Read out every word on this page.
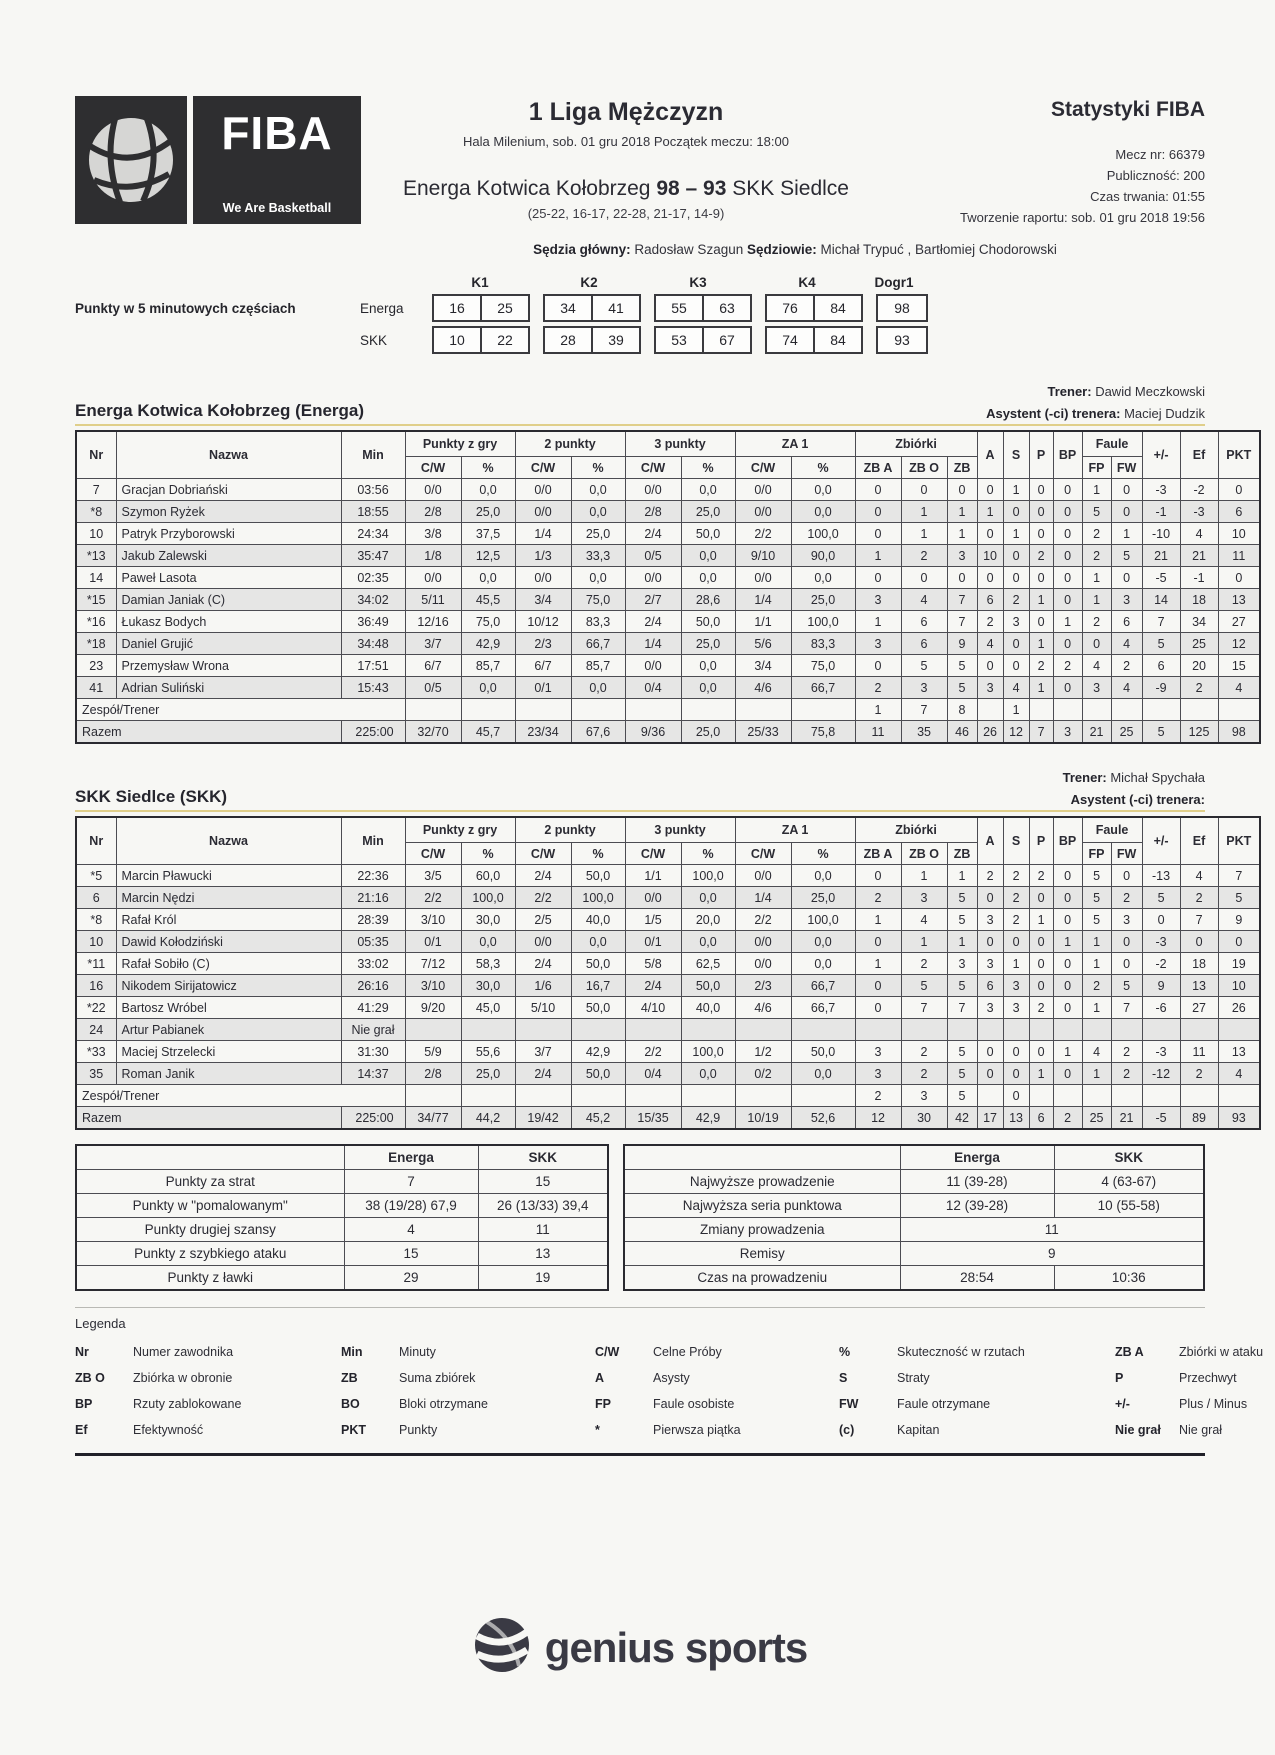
FIBA
We Are Basketball
1 Liga Mężczyzn
Hala Milenium, sob. 01 gru 2018 Początek meczu: 18:00
Energa Kotwica Kołobrzeg 98 – 93 SKK Siedlce
(25-22, 16-17, 22-28, 21-17, 14-9)
Statystyki FIBA
Mecz nr: 66379
Publiczność: 200
Czas trwania: 01:55
Tworzenie raportu: sob. 01 gru 2018 19:56
Sędzia główny: Radosław Szagun Sędziowie: Michał Trypuć , Bartłomiej Chodorowski
Punkty w 5 minutowych częściach
K1	K2	K3	K4	Dogr1
Energa	16	25	34	41	55	63	76	84	98
SKK	10	22	28	39	53	67	74	84	93
Trener: Dawid Meczkowski
Energa Kotwica Kołobrzeg (Energa)	Asystent (-ci) trenera: Maciej Dudzik
Nr	Nazwa	Min	Punkty z gry		2 punkty		3 punkty		ZA 1		Zbiórki			A	S	P	BP	Faule		+/-	Ef	PKT
			C/W	%	C/W	%	C/W	%	C/W	%	ZB A	ZB O	ZB					FP	FW			
7	Gracjan Dobriański	03:56	0/0	0,0	0/0	0,0	0/0	0,0	0/0	0,0	0	0	0	0	1	0	0	1	0	-3	-2	0
*8	Szymon Ryżek	18:55	2/8	25,0	0/0	0,0	2/8	25,0	0/0	0,0	0	1	1	1	0	0	0	5	0	-1	-3	6
10	Patryk Przyborowski	24:34	3/8	37,5	1/4	25,0	2/4	50,0	2/2	100,0	0	1	1	0	1	0	0	2	1	-10	4	10
*13	Jakub Zalewski	35:47	1/8	12,5	1/3	33,3	0/5	0,0	9/10	90,0	1	2	3	10	0	2	0	2	5	21	21	11
14	Paweł Lasota	02:35	0/0	0,0	0/0	0,0	0/0	0,0	0/0	0,0	0	0	0	0	0	0	0	1	0	-5	-1	0
*15	Damian Janiak (C)	34:02	5/11	45,5	3/4	75,0	2/7	28,6	1/4	25,0	3	4	7	6	2	1	0	1	3	14	18	13
*16	Łukasz Bodych	36:49	12/16	75,0	10/12	83,3	2/4	50,0	1/1	100,0	1	6	7	2	3	0	1	2	6	7	34	27
*18	Daniel Grujić	34:48	3/7	42,9	2/3	66,7	1/4	25,0	5/6	83,3	3	6	9	4	0	1	0	0	4	5	25	12
23	Przemysław Wrona	17:51	6/7	85,7	6/7	85,7	0/0	0,0	3/4	75,0	0	5	5	0	0	2	2	4	2	6	20	15
41	Adrian Suliński	15:43	0/5	0,0	0/1	0,0	0/4	0,0	4/6	66,7	2	3	5	3	4	1	0	3	4	-9	2	4
Zespół/Trener											1	7	8		1							
Razem		225:00	32/70	45,7	23/34	67,6	9/36	25,0	25/33	75,8	11	35	46	26	12	7	3	21	25	5	125	98
Trener: Michał Spychała
SKK Siedlce (SKK)	Asystent (-ci) trenera:
Nr	Nazwa	Min	Punkty z gry		2 punkty		3 punkty		ZA 1		Zbiórki			A	S	P	BP	Faule		+/-	Ef	PKT
			C/W	%	C/W	%	C/W	%	C/W	%	ZB A	ZB O	ZB					FP	FW			
*5	Marcin Pławucki	22:36	3/5	60,0	2/4	50,0	1/1	100,0	0/0	0,0	0	1	1	2	2	2	0	5	0	-13	4	7
6	Marcin Nędzi	21:16	2/2	100,0	2/2	100,0	0/0	0,0	1/4	25,0	2	3	5	0	2	0	0	5	2	5	2	5
*8	Rafał Król	28:39	3/10	30,0	2/5	40,0	1/5	20,0	2/2	100,0	1	4	5	3	2	1	0	5	3	0	7	9
10	Dawid Kołodziński	05:35	0/1	0,0	0/0	0,0	0/1	0,0	0/0	0,0	0	1	1	0	0	0	1	1	0	-3	0	0
*11	Rafał Sobiło (C)	33:02	7/12	58,3	2/4	50,0	5/8	62,5	0/0	0,0	1	2	3	3	1	0	0	1	0	-2	18	19
16	Nikodem Sirijatowicz	26:16	3/10	30,0	1/6	16,7	2/4	50,0	2/3	66,7	0	5	5	6	3	0	0	2	5	9	13	10
*22	Bartosz Wróbel	41:29	9/20	45,0	5/10	50,0	4/10	40,0	4/6	66,7	0	7	7	3	3	2	0	1	7	-6	27	26
24	Artur Pabianek	Nie grał																				
*33	Maciej Strzelecki	31:30	5/9	55,6	3/7	42,9	2/2	100,0	1/2	50,0	3	2	5	0	0	0	1	4	2	-3	11	13
35	Roman Janik	14:37	2/8	25,0	2/4	50,0	0/4	0,0	0/2	0,0	3	2	5	0	0	1	0	1	2	-12	2	4
Zespół/Trener											2	3	5		0							
Razem		225:00	34/77	44,2	19/42	45,2	15/35	42,9	10/19	52,6	12	30	42	17	13	6	2	25	21	-5	89	93
	Energa	SKK
Punkty za strat	7	15
Punkty w "pomalowanym"	38 (19/28) 67,9	26 (13/33) 39,4
Punkty drugiej szansy	4	11
Punkty z szybkiego ataku	15	13
Punkty z ławki	29	19
	Energa	SKK
Najwyższe prowadzenie	11 (39-28)	4 (63-67)
Najwyższa seria punktowa	12 (39-28)	10 (55-58)
Zmiany prowadzenia	11	
Remisy	9	
Czas na prowadzeniu	28:54	10:36
Legenda
Nr	Numer zawodnika	Min	Minuty	C/W	Celne Próby	%	Skuteczność w rzutach	ZB A	Zbiórki w ataku
ZB O	Zbiórka w obronie	ZB	Suma zbiórek	A	Asysty	S	Straty	P	Przechwyt
BP	Rzuty zablokowane	BO	Bloki otrzymane	FP	Faule osobiste	FW	Faule otrzymane	+/-	Plus / Minus
Ef	Efektywność	PKT	Punkty	*	Pierwsza piątka	(c)	Kapitan	Nie grał	Nie grał
genius sports
